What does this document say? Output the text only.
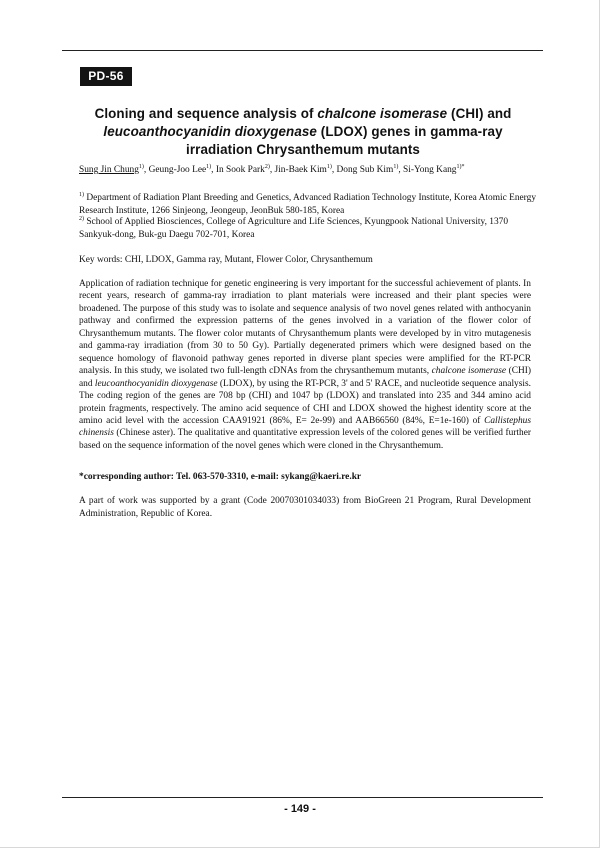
PD-56
Cloning and sequence analysis of chalcone isomerase (CHI) and leucoanthocyanidin dioxygenase (LDOX) genes in gamma-ray irradiation Chrysanthemum mutants
Sung Jin Chung$^{1)}$, Geung-Joo Lee$^{1)}$, In Sook Park$^{2)}$, Jin-Baek Kim$^{1)}$, Dong Sub Kim$^{1)}$, Si-Yong Kang$^{1)*}$
$^{1)}$ Department of Radiation Plant Breeding and Genetics, Advanced Radiation Technology Institute, Korea Atomic Energy Research Institute, 1266 Sinjeong, Jeongeup, JeonBuk 580-185, Korea
$^{2)}$ School of Applied Biosciences, College of Agriculture and Life Sciences, Kyungpook National University, 1370 Sankyuk-dong, Buk-gu Daegu 702-701, Korea
Key words: CHI, LDOX, Gamma ray, Mutant, Flower Color, Chrysanthemum
Application of radiation technique for genetic engineering is very important for the successful achievement of plants. In recent years, research of gamma-ray irradiation to plant materials were increased and their plant species were broadened. The purpose of this study was to isolate and sequence analysis of two novel genes related with anthocyanin pathway and confirmed the expression patterns of the genes involved in a variation of the flower color of Chrysanthemum mutants. The flower color mutants of Chrysanthemum plants were developed by in vitro mutagenesis and gamma-ray irradiation (from 30 to 50 Gy). Partially degenerated primers which were designed based on the sequence homology of flavonoid pathway genes reported in diverse plant species were amplified for the RT-PCR analysis. In this study, we isolated two full-length cDNAs from the chrysanthemum mutants, chalcone isomerase (CHI) and leucoanthocyanidin dioxygenase (LDOX), by using the RT-PCR, 3' and 5' RACE, and nucleotide sequence analysis. The coding region of the genes are 708 bp (CHI) and 1047 bp (LDOX) and translated into 235 and 344 amino acid protein fragments, respectively. The amino acid sequence of CHI and LDOX showed the highest identity score at the amino acid level with the accession CAA91921 (86%, E= 2e-99) and AAB66560 (84%, E=1e-160) of Callistephus chinensis (Chinese aster). The qualitative and quantitative expression levels of the colored genes will be verified further based on the sequence information of the novel genes which were cloned in the Chrysanthemum.
*corresponding author: Tel. 063-570-3310, e-mail: sykang@kaeri.re.kr
A part of work was supported by a grant (Code 20070301034033) from BioGreen 21 Program, Rural Development Administration, Republic of Korea.
- 149 -
